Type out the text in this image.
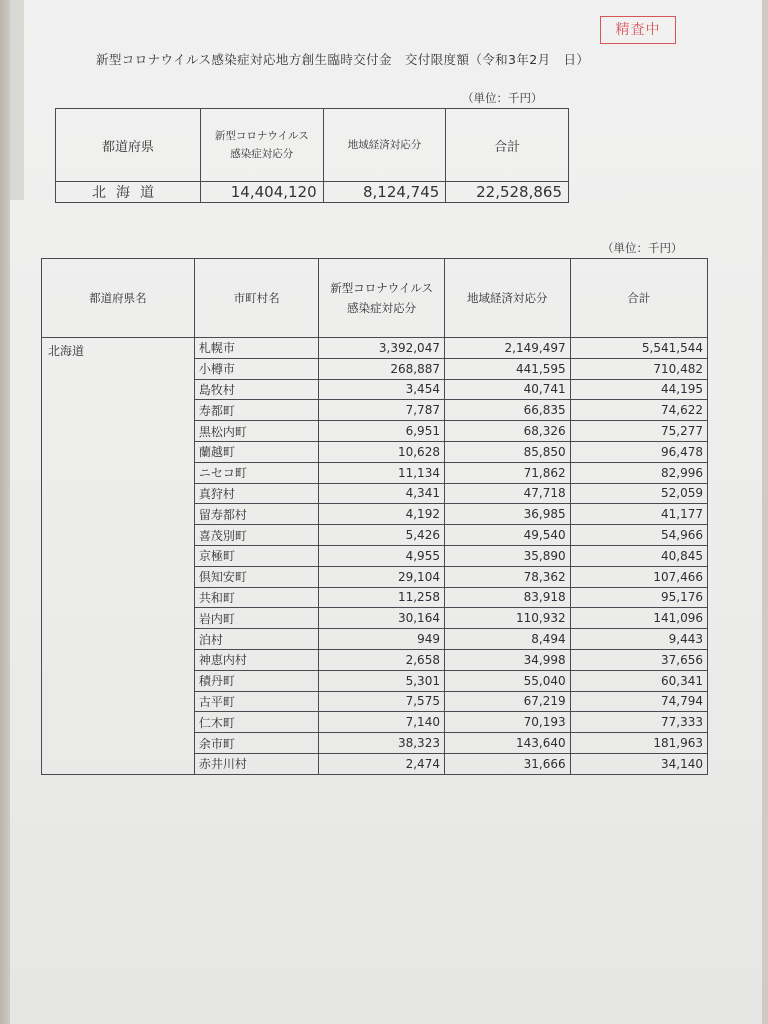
精査中
新型コロナウイルス感染症対応地方創生臨時交付金　交付限度額（令和3年2月　日）
（単位：千円）
都道府県	新型コロナウイルス
感染症対応分	地域経済対応分	合計
北海道	14,404,120	8,124,745	22,528,865
（単位：千円）
都道府県名	市町村名	新型コロナウイルス
感染症対応分	地域経済対応分	合計
北海道	札幌市	3,392,047	2,149,497	5,541,544
	小樽市	268,887	441,595	710,482
	島牧村	3,454	40,741	44,195
	寿都町	7,787	66,835	74,622
	黒松内町	6,951	68,326	75,277
	蘭越町	10,628	85,850	96,478
	ニセコ町	11,134	71,862	82,996
	真狩村	4,341	47,718	52,059
	留寿都村	4,192	36,985	41,177
	喜茂別町	5,426	49,540	54,966
	京極町	4,955	35,890	40,845
	倶知安町	29,104	78,362	107,466
	共和町	11,258	83,918	95,176
	岩内町	30,164	110,932	141,096
	泊村	949	8,494	9,443
	神恵内村	2,658	34,998	37,656
	積丹町	5,301	55,040	60,341
	古平町	7,575	67,219	74,794
	仁木町	7,140	70,193	77,333
	余市町	38,323	143,640	181,963
	赤井川村	2,474	31,666	34,140
